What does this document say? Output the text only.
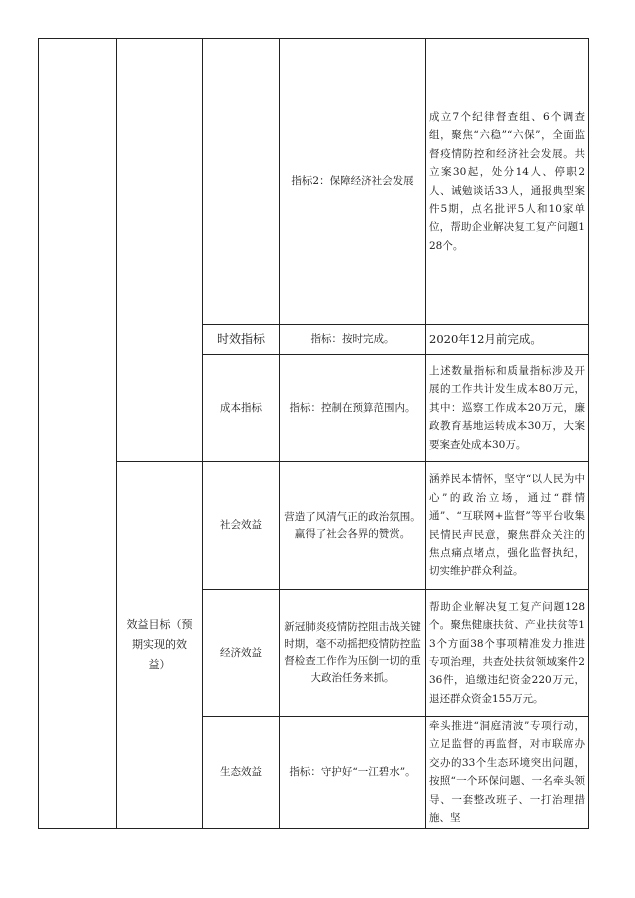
			指标2：保障经济社会发展	成立7个纪律督查组、6个调查组，聚焦“六稳”“六保”，全面监督疫情防控和经济社会发展。共立案30起，处分14人、停职2人、诫勉谈话33人，通报典型案件5期，点名批评5人和10家单位，帮助企业解决复工复产问题128个。
		时效指标	指标：按时完成。	2020年12月前完成。
		成本指标	指标：控制在预算范围内。	上述数量指标和质量指标涉及开展的工作共计发生成本80万元，其中：巡察工作成本20万元，廉政教育基地运转成本30万，大案要案查处成本30万。
	效益目标（预期实现的效益）	社会效益	营造了风清气正的政治氛围。赢得了社会各界的赞赏。	涵养民本情怀，坚守“以人民为中心”的政治立场，通过“群情通”、“互联网+监督”等平台收集民情民声民意，聚焦群众关注的焦点痛点堵点，强化监督执纪，切实维护群众利益。
		经济效益	新冠肺炎疫情防控阻击战关键时期，毫不动摇把疫情防控监督检查工作作为压倒一切的重大政治任务来抓。	帮助企业解决复工复产问题128个。聚焦健康扶贫、产业扶贫等13个方面38个事项精准发力推进专项治理，共查处扶贫领域案件236件，追缴违纪资金220万元，退还群众资金155万元。
		生态效益	指标：守护好“一江碧水”。	牵头推进“洞庭清波”专项行动，立足监督的再监督，对市联席办交办的33个生态环境突出问题，按照“一个环保问题、一名牵头领导、一套整改班子、一打治理措施、坚
